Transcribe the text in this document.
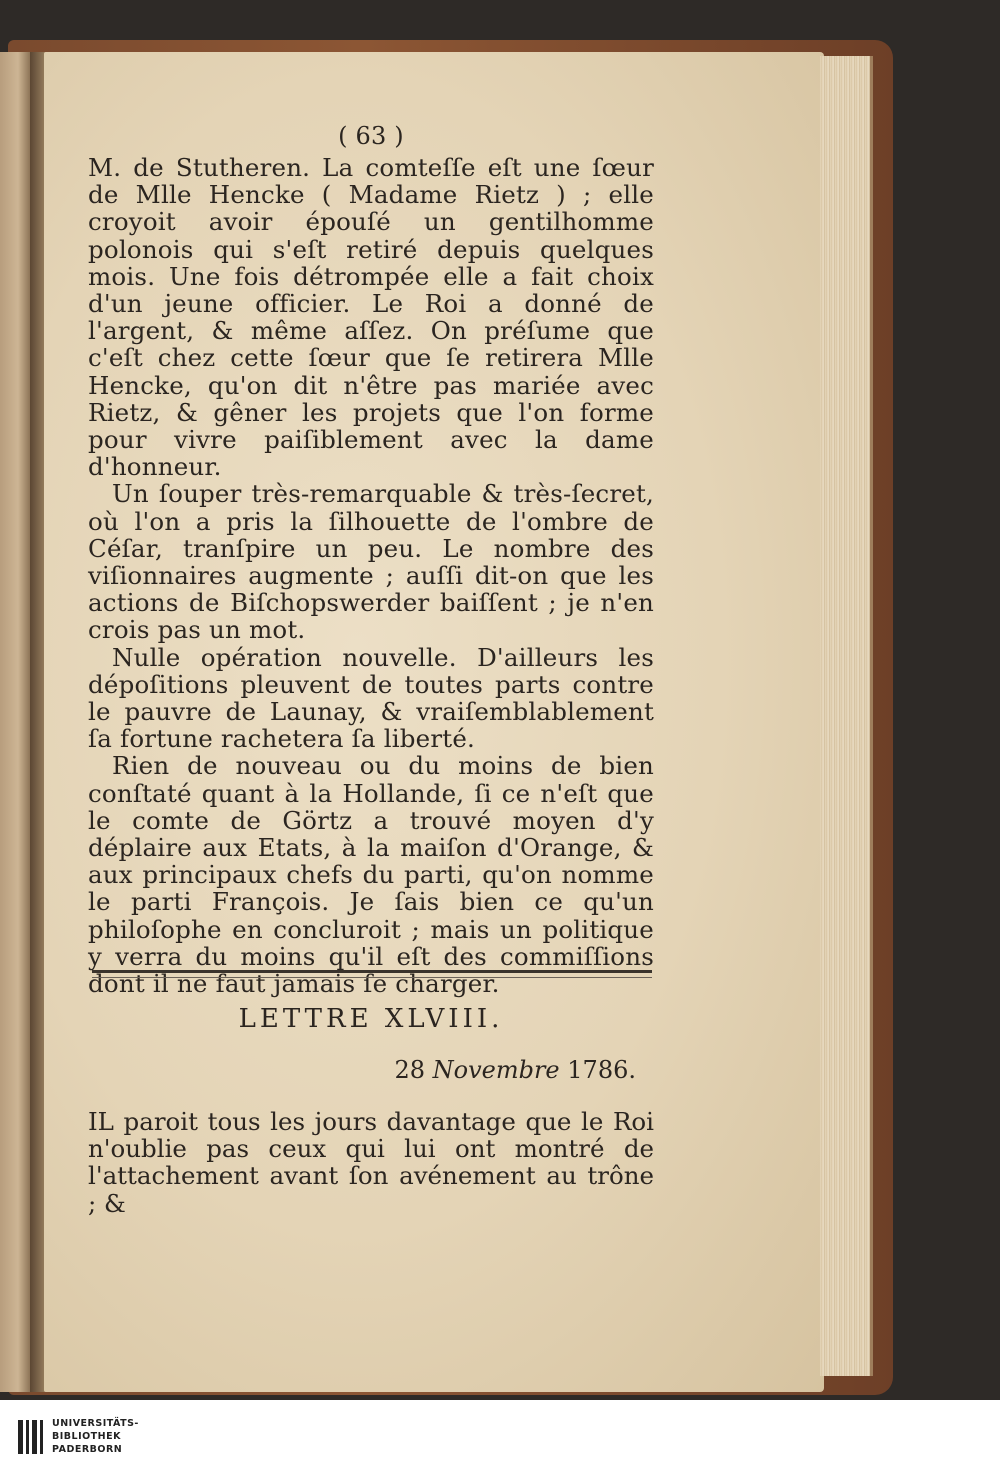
( 63 )

M. de Stutheren. La comteſſe eſt une ſœur de Mlle Hencke ( Madame Rietz ) ; elle croyoit avoir épouſé un gentilhomme polonois qui s'eſt retiré depuis quelques mois. Une fois détrompée elle a fait choix d'un jeune officier. Le Roi a donné de l'argent, & même aſſez. On préſume que c'eſt chez cette ſœur que ſe retirera Mlle Hencke, qu'on dit n'être pas mariée avec Rietz, & gêner les projets que l'on forme pour vivre paiſiblement avec la dame d'honneur.

Un ſouper très-remarquable & très-ſecret, où l'on a pris la ſilhouette de l'ombre de Céſar, tranſpire un peu. Le nombre des viſionnaires augmente ; auſſi dit-on que les actions de Biſchopswerder baiſſent ; je n'en crois pas un mot.

Nulle opération nouvelle. D'ailleurs les dépoſitions pleuvent de toutes parts contre le pauvre de Launay, & vraiſemblablement ſa fortune rachetera ſa liberté.

Rien de nouveau ou du moins de bien conſtaté quant à la Hollande, ſi ce n'eſt que le comte de Görtz a trouvé moyen d'y déplaire aux Etats, à la maiſon d'Orange, & aux principaux chefs du parti, qu'on nomme le parti François. Je ſais bien ce qu'un philoſophe en concluroit ; mais un politique y verra du moins qu'il eſt des commiſſions dont il ne faut jamais ſe charger.

LETTRE XLVIII.
28 Novembre 1786.

IL paroit tous les jours davantage que le Roi n'oublie pas ceux qui lui ont montré de l'attachement avant ſon avénement au trône ; &

UNIVERSITÄTS-
BIBLIOTHEK
PADERBORN
